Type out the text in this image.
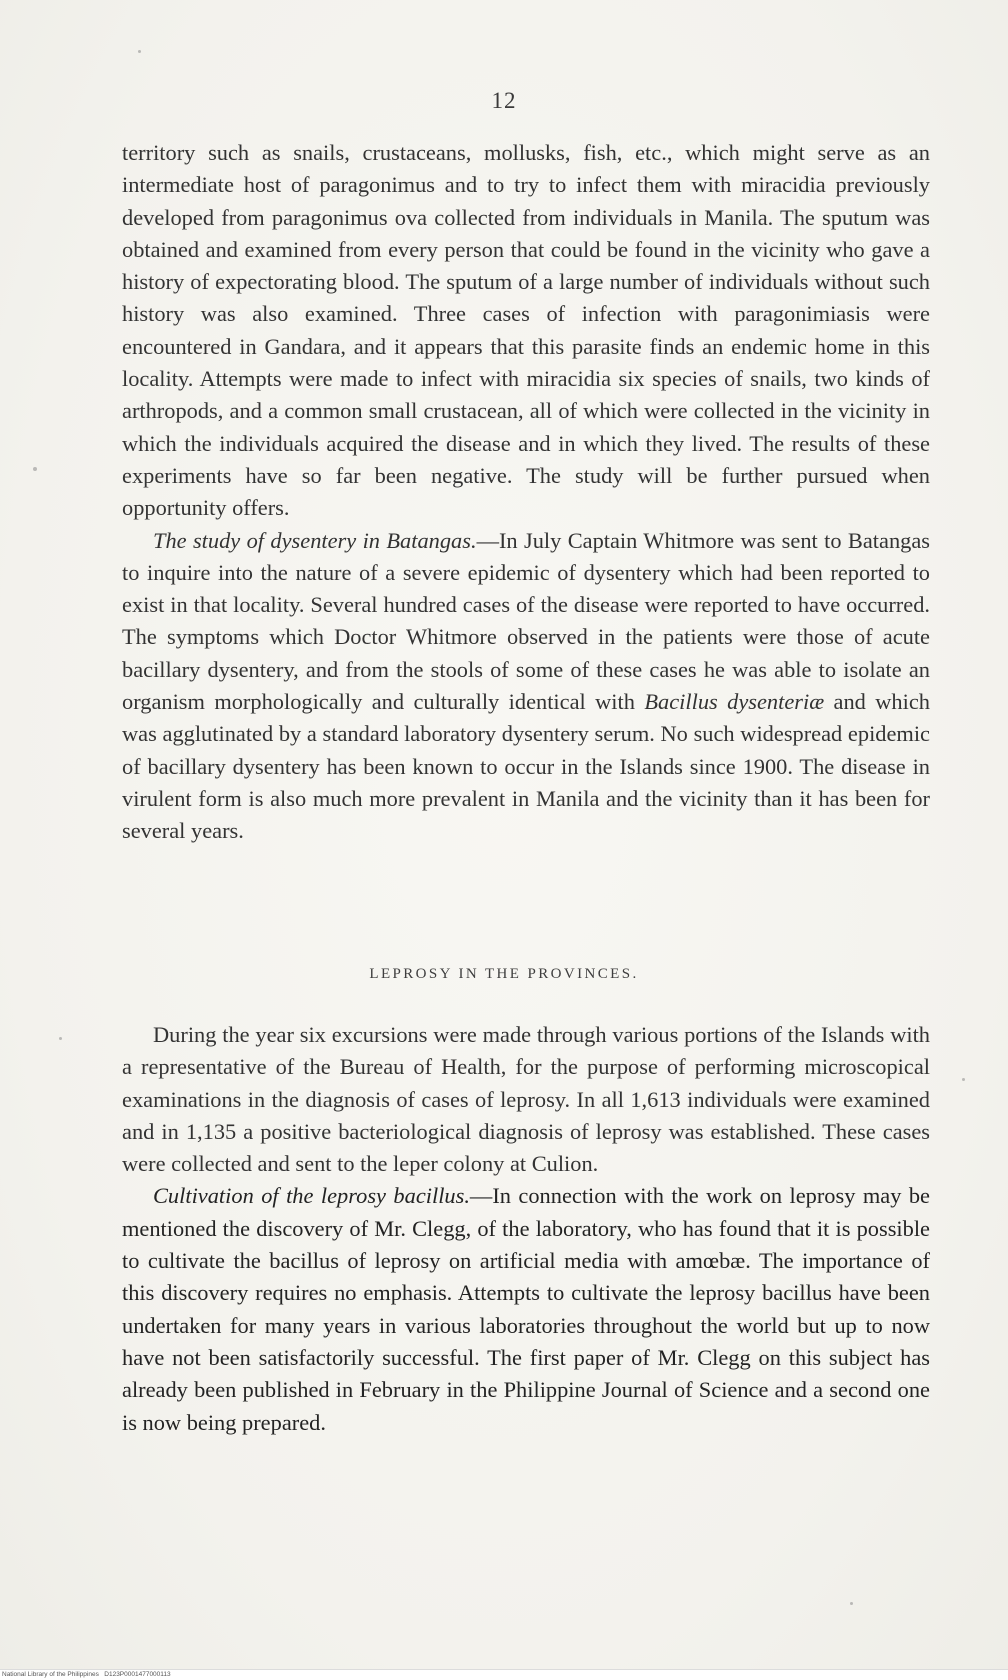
12

territory such as snails, crustaceans, mollusks, fish, etc., which might serve as an intermediate host of paragonimus and to try to infect them with miracidia previously developed from paragonimus ova collected from individuals in Manila. The sputum was obtained and examined from every person that could be found in the vicinity who gave a history of expectorating blood. The sputum of a large number of individuals without such history was also examined. Three cases of infection with paragonimiasis were encountered in Gandara, and it appears that this parasite finds an endemic home in this locality. Attempts were made to infect with miracidia six species of snails, two kinds of arthropods, and a common small crustacean, all of which were collected in the vicinity in which the individuals acquired the disease and in which they lived. The results of these experiments have so far been negative. The study will be further pursued when opportunity offers.

The study of dysentery in Batangas.—In July Captain Whitmore was sent to Batangas to inquire into the nature of a severe epidemic of dysentery which had been reported to exist in that locality. Several hundred cases of the disease were reported to have occurred. The symptoms which Doctor Whitmore observed in the patients were those of acute bacillary dysentery, and from the stools of some of these cases he was able to isolate an organism morphologically and culturally identical with Bacillus dysenteriæ and which was agglutinated by a standard laboratory dysentery serum. No such widespread epidemic of bacillary dysentery has been known to occur in the Islands since 1900. The disease in virulent form is also much more prevalent in Manila and the vicinity than it has been for several years.

LEPROSY IN THE PROVINCES.

During the year six excursions were made through various portions of the Islands with a representative of the Bureau of Health, for the purpose of performing microscopical examinations in the diagnosis of cases of leprosy. In all 1,613 individuals were examined and in 1,135 a positive bacteriological diagnosis of leprosy was established. These cases were collected and sent to the leper colony at Culion.

Cultivation of the leprosy bacillus.—In connection with the work on leprosy may be mentioned the discovery of Mr. Clegg, of the laboratory, who has found that it is possible to cultivate the bacillus of leprosy on artificial media with amœbæ. The importance of this discovery requires no emphasis. Attempts to cultivate the leprosy bacillus have been undertaken for many years in various laboratories throughout the world but up to now have not been satisfactorily successful. The first paper of Mr. Clegg on this subject has already been published in February in the Philippine Journal of Science and a second one is now being prepared.

National Library of the Philippines D123P0001477000113
